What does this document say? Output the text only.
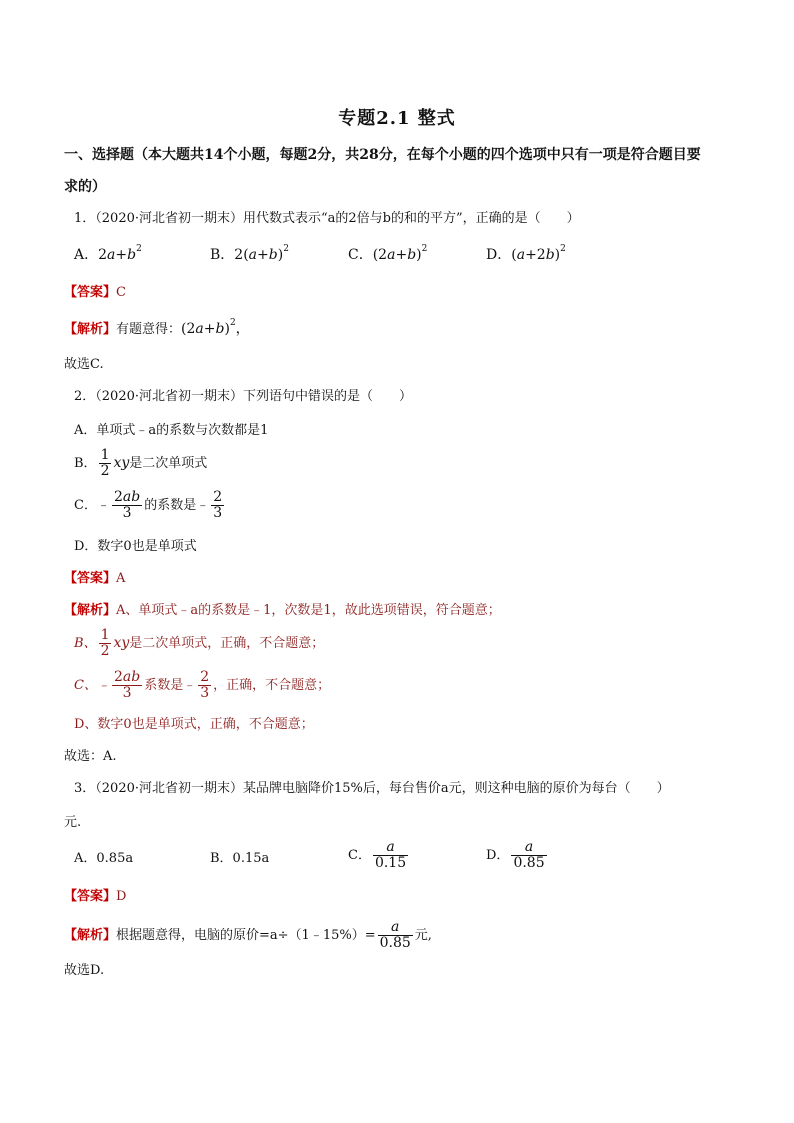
专题2.1 整式
一、选择题（本大题共14个小题，每题2分，共28分，在每个小题的四个选项中只有一项是符合题目要
求的）
1．（2020·河北省初一期末）用代数式表示“a的2倍与b的和的平方”，正确的是（　　）
A．$2a+b^2$	B．$2(a+b)^2$	C．$(2a+b)^2$	D．$(a+2b)^2$
【答案】C
【解析】有题意得：$(2a+b)^2$，
故选C.
2．（2020·河北省初一期末）下列语句中错误的是（　　）
A．单项式﹣a的系数与次数都是1
B． $\frac{1}{2}$ xy是二次单项式
C．﹣ $\frac{2ab}{3}$ 的系数是﹣ $\frac{2}{3}$
D．数字0也是单项式
【答案】A
【解析】A、单项式﹣a的系数是﹣1，次数是1，故此选项错误，符合题意；
B、 $\frac{1}{2}$ xy是二次单项式，正确，不合题意；
C、﹣ $\frac{2ab}{3}$ 系数是﹣ $\frac{2}{3}$ ，正确，不合题意；
D、数字0也是单项式，正确，不合题意；
故选：A.
3．（2020·河北省初一期末）某品牌电脑降价15%后，每台售价a元，则这种电脑的原价为每台（　　）
元.
A．0.85a	B．0.15a	C． $\frac{a}{0.15}$	D． $\frac{a}{0.85}$
【答案】D
【解析】根据题意得，电脑的原价=a÷（1﹣15%）= $\frac{a}{0.85}$ 元,
故选D.
